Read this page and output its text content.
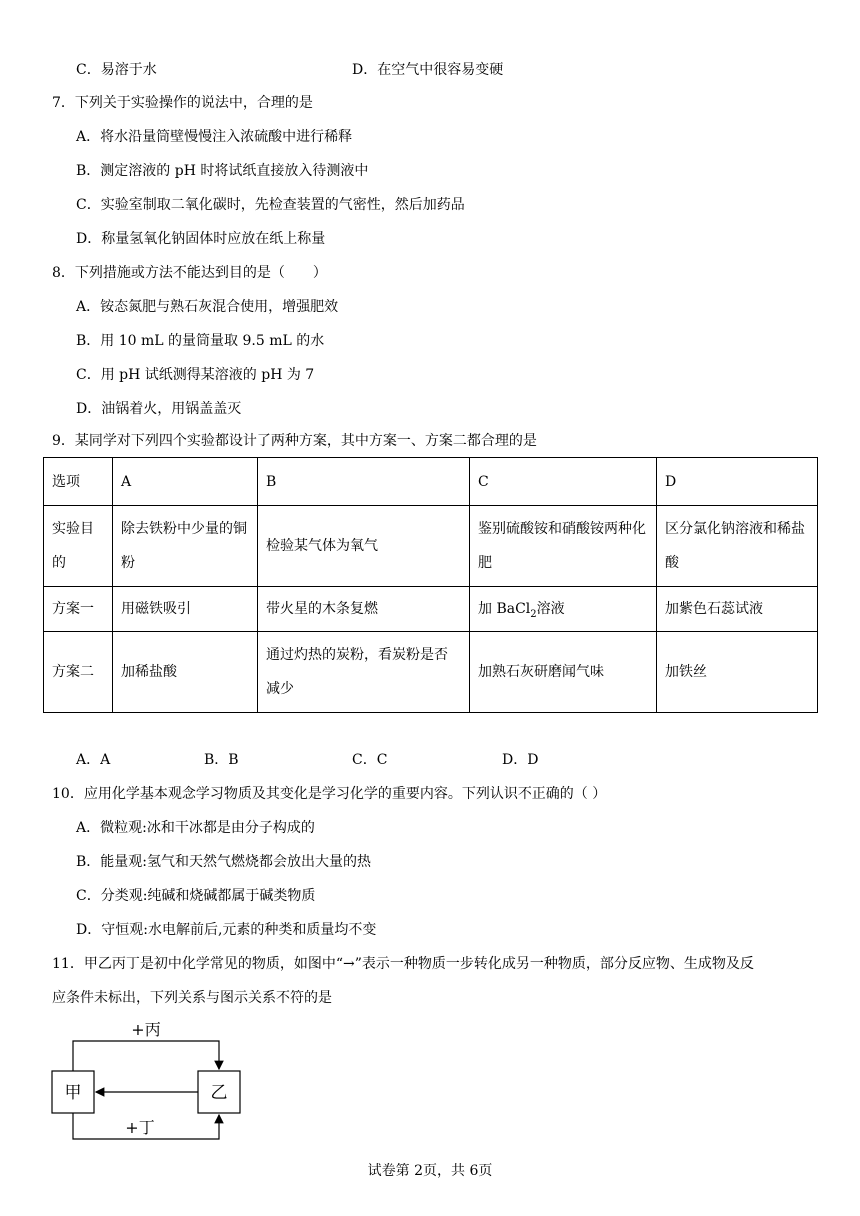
C．易溶于水	D．在空气中很容易变硬
7．下列关于实验操作的说法中，合理的是
A．将水沿量筒壁慢慢注入浓硫酸中进行稀释
B．测定溶液的 pH 时将试纸直接放入待测液中
C．实验室制取二氧化碳时，先检查装置的气密性，然后加药品
D．称量氢氧化钠固体时应放在纸上称量
8．下列措施或方法不能达到目的是（　　）
A．铵态氮肥与熟石灰混合使用，增强肥效
B．用 10 mL 的量筒量取 9.5 mL 的水
C．用 pH 试纸测得某溶液的 pH 为 7
D．油锅着火，用锅盖盖灭
9．某同学对下列四个实验都设计了两种方案，其中方案一、方案二都合理的是
选项	A	B	C	D
实验目的	除去铁粉中少量的铜粉	检验某气体为氧气	鉴别硫酸铵和硝酸铵两种化肥	区分氯化钠溶液和稀盐酸
方案一	用磁铁吸引	带火星的木条复燃	加 BaCl$_2$溶液	加紫色石蕊试液
方案二	加稀盐酸	通过灼热的炭粉，看炭粉是否减少	加熟石灰研磨闻气味	加铁丝
A．A	B．B	C．C	D．D
10．应用化学基本观念学习物质及其变化是学习化学的重要内容。下列认识不正确的（ ）
A．微粒观:冰和干冰都是由分子构成的
B．能量观:氢气和天然气燃烧都会放出大量的热
C．分类观:纯碱和烧碱都属于碱类物质
D．守恒观:水电解前后,元素的种类和质量均不变
11．甲乙丙丁是初中化学常见的物质，如图中“→”表示一种物质一步转化成另一种物质，部分反应物、生成物及反
应条件未标出，下列关系与图示关系不符的是
甲	乙
+丙
+丁
试卷第 2页，共 6页
